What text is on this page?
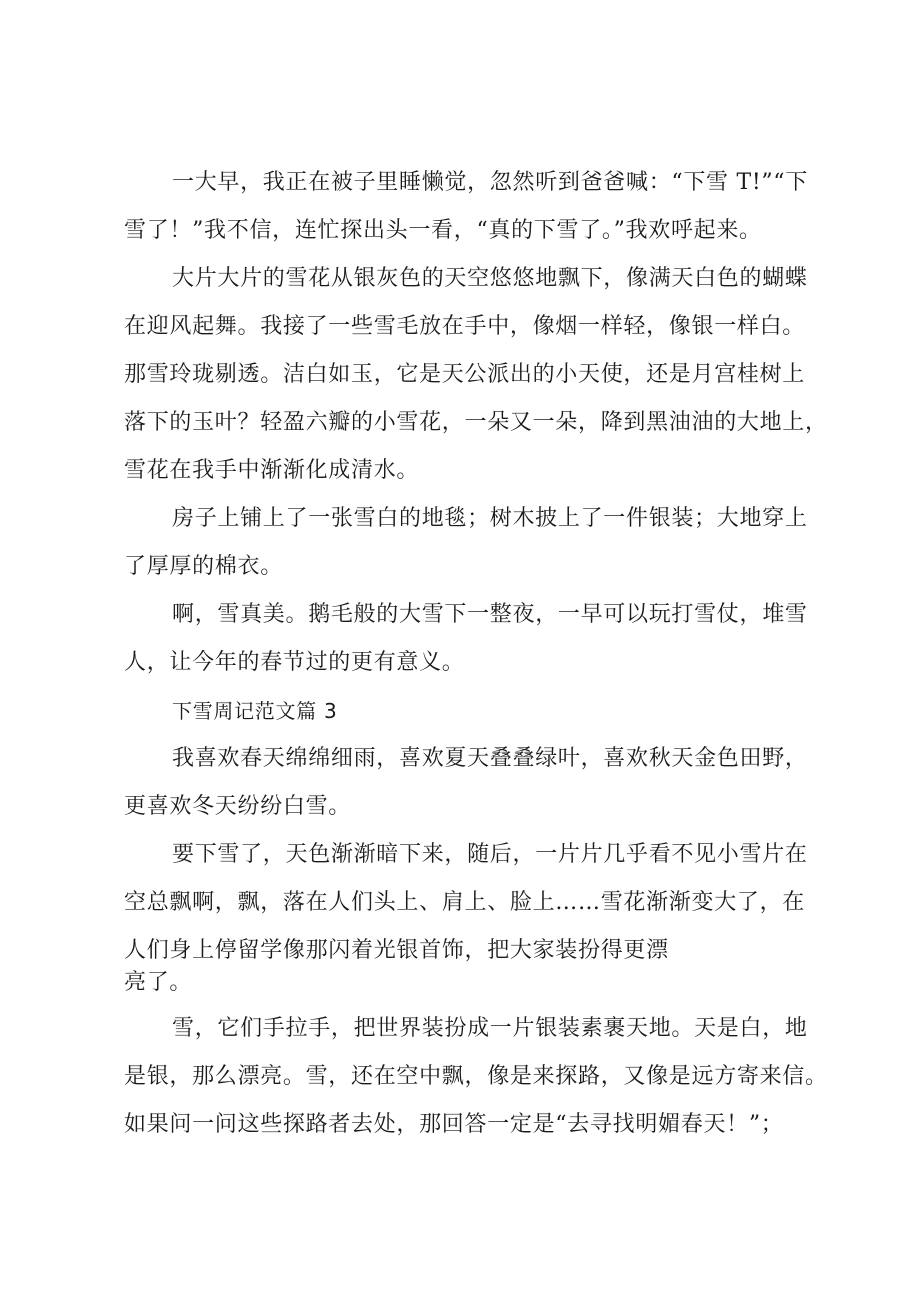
一大早，我正在被子里睡懒觉，忽然听到爸爸喊：“下雪 T!”“下
雪了！”我不信，连忙探出头一看，“真的下雪了。”我欢呼起来。
大片大片的雪花从银灰色的天空悠悠地飘下，像满天白色的蝴蝶
在迎风起舞。我接了一些雪毛放在手中，像烟一样轻，像银一样白。
那雪玲珑剔透。洁白如玉，它是天公派出的小天使，还是月宫桂树上
落下的玉叶？轻盈六瓣的小雪花，一朵又一朵，降到黑油油的大地上，
雪花在我手中渐渐化成清水。
房子上铺上了一张雪白的地毯；树木披上了一件银装；大地穿上
了厚厚的棉衣。
啊，雪真美。鹅毛般的大雪下一整夜，一早可以玩打雪仗，堆雪
人，让今年的春节过的更有意义。
下雪周记范文篇 3
我喜欢春天绵绵细雨，喜欢夏天叠叠绿叶，喜欢秋天金色田野，
更喜欢冬天纷纷白雪。
要下雪了，天色渐渐暗下来，随后，一片片几乎看不见小雪片在
空总飘啊，飘，落在人们头上、肩上、脸上……雪花渐渐变大了，在
人们身上停留学像那闪着光银首饰，把大家装扮得更漂
亮了。
雪，它们手拉手，把世界装扮成一片银装素裹天地。天是白，地
是银，那么漂亮。雪，还在空中飘，像是来探路，又像是远方寄来信。
如果问一问这些探路者去处，那回答一定是“去寻找明媚春天！”；
